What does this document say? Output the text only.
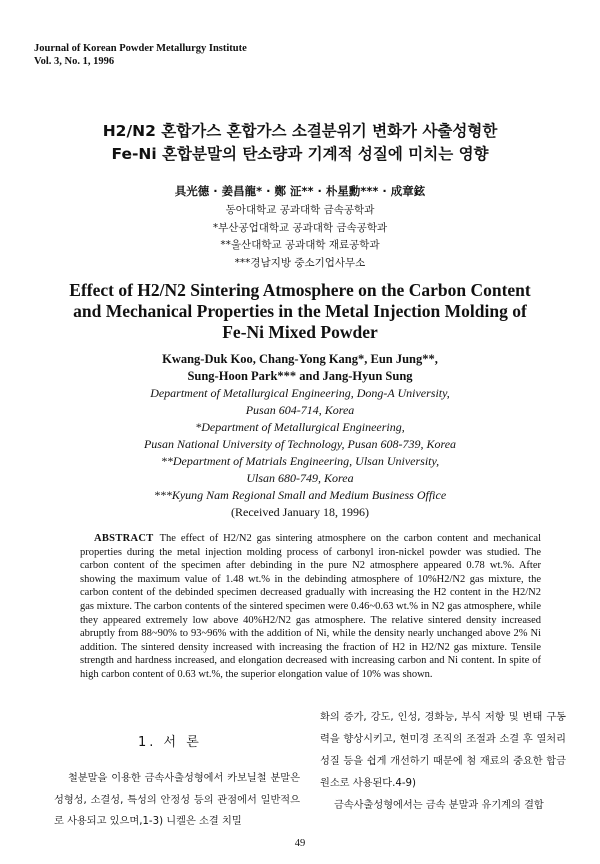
Journal of Korean Powder Metallurgy Institute
Vol. 3, No. 1, 1996
H2/N2 혼합가스 혼합가스 소결분위기 변화가 사출성형한
Fe-Ni 혼합분말의 탄소량과 기계적 성질에 미치는 영향
具光德 · 姜昌龍* · 鄭 泟** · 朴星勳*** · 成章鉉
동아대학교 공과대학 금속공학과
*부산공업대학교 공과대학 금속공학과
**울산대학교 공과대학 재료공학과
***경남지방 중소기업사무소
Effect of H2/N2 Sintering Atmosphere on the Carbon Content
and Mechanical Properties in the Metal Injection Molding of
Fe-Ni Mixed Powder
Kwang-Duk Koo, Chang-Yong Kang*, Eun Jung**,
Sung-Hoon Park*** and Jang-Hyun Sung
Department of Metallurgical Engineering, Dong-A University,
Pusan 604-714, Korea
*Department of Metallurgical Engineering,
Pusan National University of Technology, Pusan 608-739, Korea
**Department of Matrials Engineering, Ulsan University,
Ulsan 680-749, Korea
***Kyung Nam Regional Small and Medium Business Office
(Received January 18, 1996)
ABSTRACT The effect of H2/N2 gas sintering atmosphere on the carbon content and mechanical properties during the metal injection molding process of carbonyl iron-nickel powder was studied. The carbon content of the specimen after debinding in the pure N2 atmosphere appeared 0.78 wt.%. After showing the maximum value of 1.48 wt.% in the debinding atmosphere of 10%H2/N2 gas mixture, the carbon content of the debinded specimen decreased gradually with increasing the H2 content in the H2/N2 gas mixture. The carbon contents of the sintered specimen were 0.46~0.63 wt.% in N2 gas atmosphere, while they appeared extremely low above 40%H2/N2 gas atmosphere. The relative sintered density increased abruptly from 88~90% to 93~96% with the addition of Ni, while the density nearly unchanged above 2% Ni addition. The sintered density increased with increasing the fraction of H2 in H2/N2 gas mixture. Tensile strength and hardness increased, and elongation decreased with increasing carbon and Ni content. In spite of high carbon content of 0.63 wt.%, the superior elongation value of 10% was shown.
1. 서 론
철분말을 이용한 금속사출성형에서 카보닐철 분말은 성형성, 소결성, 특성의 안정성 등의 관점에서 일반적으로 사용되고 있으며,1-3) 니켈은 소결 치밀
화의 증가, 강도, 인성, 경화능, 부식 저항 및 변태 구동력을 향상시키고, 현미경 조직의 조절과 소결 후 열처리 성질 등을 쉽게 개선하기 때문에 첨 재료의 중요한 합금 원소로 사용된다.4-9)
금속사출성형에서는 금속 분말과 유기계의 결합
49
